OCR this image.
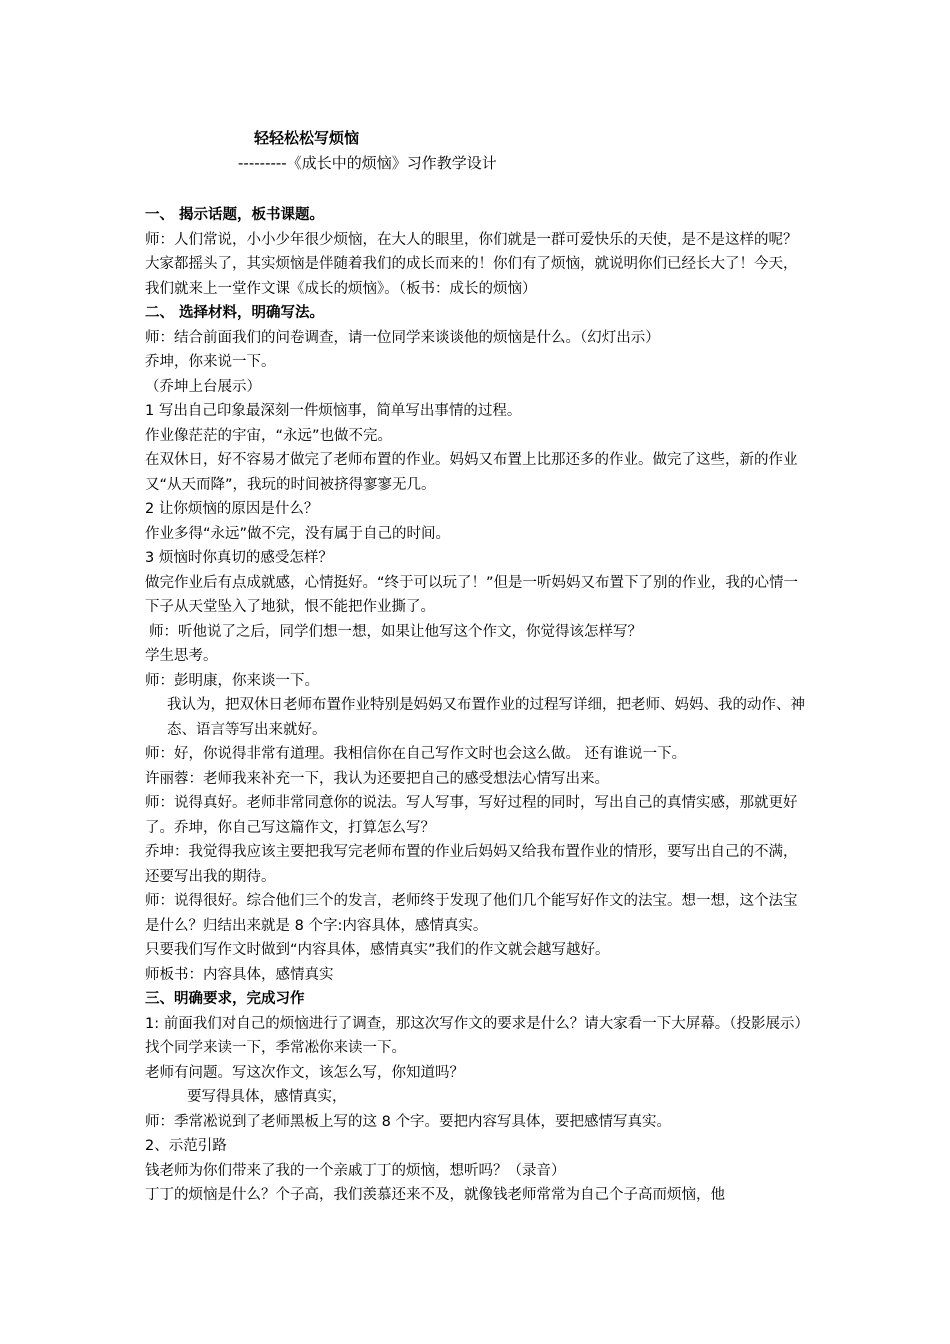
轻轻松松写烦恼
---------《成长中的烦恼》习作教学设计

一、 揭示话题，板书课题。

师：人们常说，小小少年很少烦恼，在大人的眼里，你们就是一群可爱快乐的天使，是不是这样的呢？大家都摇头了，其实烦恼是伴随着我们的成长而来的！你们有了烦恼，就说明你们已经长大了！今天，我们就来上一堂作文课《成长的烦恼》。（板书：成长的烦恼）

二、 选择材料，明确写法。

师：结合前面我们的问卷调查，请一位同学来谈谈他的烦恼是什么。（幻灯出示）

乔坤，你来说一下。

（乔坤上台展示）

1 写出自己印象最深刻一件烦恼事，简单写出事情的过程。

作业像茫茫的宇宙，“永远”也做不完。

在双休日，好不容易才做完了老师布置的作业。妈妈又布置上比那还多的作业。做完了这些，新的作业又“从天而降”，我玩的时间被挤得寥寥无几。

2 让你烦恼的原因是什么？

作业多得“永远”做不完，没有属于自己的时间。

3 烦恼时你真切的感受怎样？

做完作业后有点成就感，心情挺好。“终于可以玩了！”但是一听妈妈又布置下了别的作业，我的心情一下子从天堂坠入了地狱，恨不能把作业撕了。

师：听他说了之后，同学们想一想，如果让他写这个作文，你觉得该怎样写？

学生思考。

师：彭明康，你来谈一下。

我认为，把双休日老师布置作业特别是妈妈又布置作业的过程写详细，把老师、妈妈、我的动作、神态、语言等写出来就好。

师：好，你说得非常有道理。我相信你在自己写作文时也会这么做。 还有谁说一下。

许丽蓉：老师我来补充一下，我认为还要把自己的感受想法心情写出来。

师：说得真好。老师非常同意你的说法。写人写事，写好过程的同时，写出自己的真情实感，那就更好了。乔坤，你自己写这篇作文，打算怎么写？

乔坤：我觉得我应该主要把我写完老师布置的作业后妈妈又给我布置作业的情形，要写出自己的不满，还要写出我的期待。

师：说得很好。综合他们三个的发言，老师终于发现了他们几个能写好作文的法宝。想一想，这个法宝是什么？归结出来就是 8 个字:内容具体，感情真实。

只要我们写作文时做到“内容具体，感情真实”我们的作文就会越写越好。

师板书：内容具体，感情真实

三、明确要求，完成习作

1: 前面我们对自己的烦恼进行了调查，那这次写作文的要求是什么？请大家看一下大屏幕。（投影展示）找个同学来读一下，季常凇你来读一下。

老师有问题。写这次作文，该怎么写，你知道吗？

要写得具体，感情真实，

师：季常凇说到了老师黑板上写的这 8 个字。要把内容写具体，要把感情写真实。

2、示范引路

钱老师为你们带来了我的一个亲戚丁丁的烦恼，想听吗？（录音）

丁丁的烦恼是什么？个子高，我们羡慕还来不及，就像钱老师常常为自己个子高而烦恼，他
